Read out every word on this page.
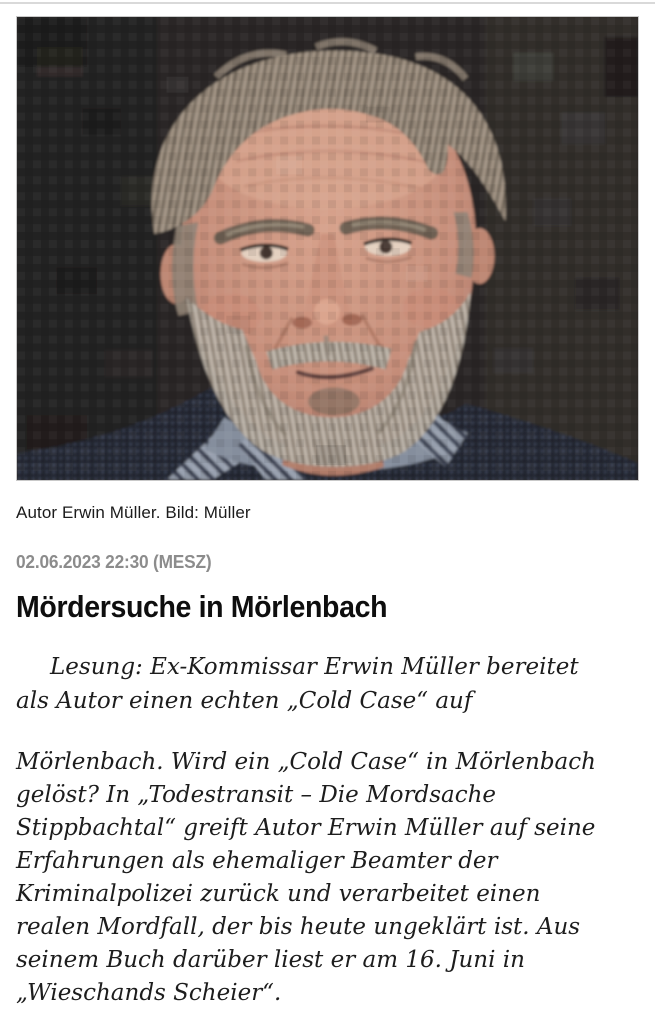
Autor Erwin Müller. Bild: Müller
02.06.2023 22:30 (MESZ)
Mördersuche in Mörlenbach
Lesung: Ex-Kommissar Erwin Müller bereitet
als Autor einen echten „Cold Case“ auf
Mörlenbach. Wird ein „Cold Case“ in Mörlenbach
gelöst? In „Todestransit – Die Mordsache
Stippbachtal“ greift Autor Erwin Müller auf seine
Erfahrungen als ehemaliger Beamter der
Kriminalpolizei zurück und verarbeitet einen
realen Mordfall, der bis heute ungeklärt ist. Aus
seinem Buch darüber liest er am 16. Juni in
„Wieschands Scheier“.
